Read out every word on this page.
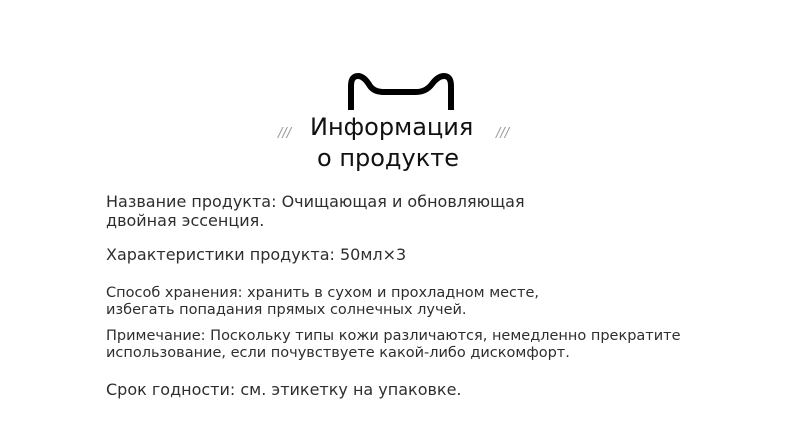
///	///
Информация
о продукте

Название продукта: Очищающая и обновляющая
двойная эссенция.

Характеристики продукта: 50мл×3

Способ хранения: хранить в сухом и прохладном месте,
избегать попадания прямых солнечных лучей.

Примечание: Поскольку типы кожи различаются, немедленно прекратите
использование, если почувствуете какой-либо дискомфорт.

Срок годности: см. этикетку на упаковке.
